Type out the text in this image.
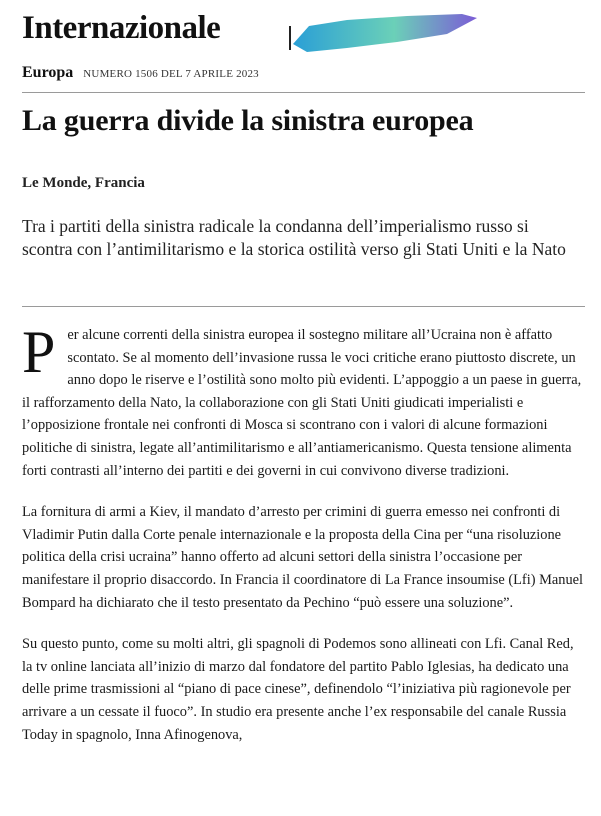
Internazionale
Europa NUMERO 1506 DEL 7 APRILE 2023
La guerra divide la sinistra europea
Le Monde, Francia

Tra i partiti della sinistra radicale la condanna dell’imperialismo russo si scontra con l’antimilitarismo e la storica ostilità verso gli Stati Uniti e la Nato

Per alcune correnti della sinistra europea il sostegno militare all’Ucraina non è affatto scontato. Se al momento dell’invasione russa le voci critiche erano piuttosto discrete, un anno dopo le riserve e l’ostilità sono molto più evidenti. L’appoggio a un paese in guerra, il rafforzamento della Nato, la collaborazione con gli Stati Uniti giudicati imperialisti e l’opposizione frontale nei confronti di Mosca si scontrano con i valori di alcune formazioni politiche di sinistra, legate all’antimilitarismo e all’antiamericanismo. Questa tensione alimenta forti contrasti all’interno dei partiti e dei governi in cui convivono diverse tradizioni.

La fornitura di armi a Kiev, il mandato d’arresto per crimini di guerra emesso nei confronti di Vladimir Putin dalla Corte penale internazionale e la proposta della Cina per “una risoluzione politica della crisi ucraina” hanno offerto ad alcuni settori della sinistra l’occasione per manifestare il proprio disaccordo. In Francia il coordinatore di La France insoumise (Lfi) Manuel Bompard ha dichiarato che il testo presentato da Pechino “può essere una soluzione”.

Su questo punto, come su molti altri, gli spagnoli di Podemos sono allineati con Lfi. Canal Red, la tv online lanciata all’inizio di marzo dal fondatore del partito Pablo Iglesias, ha dedicato una delle prime trasmissioni al “piano di pace cinese”, definendolo “l’iniziativa più ragionevole per arrivare a un cessate il fuoco”. In studio era presente anche l’ex responsabile del canale Russia Today in spagnolo, Inna Afinogenova,
